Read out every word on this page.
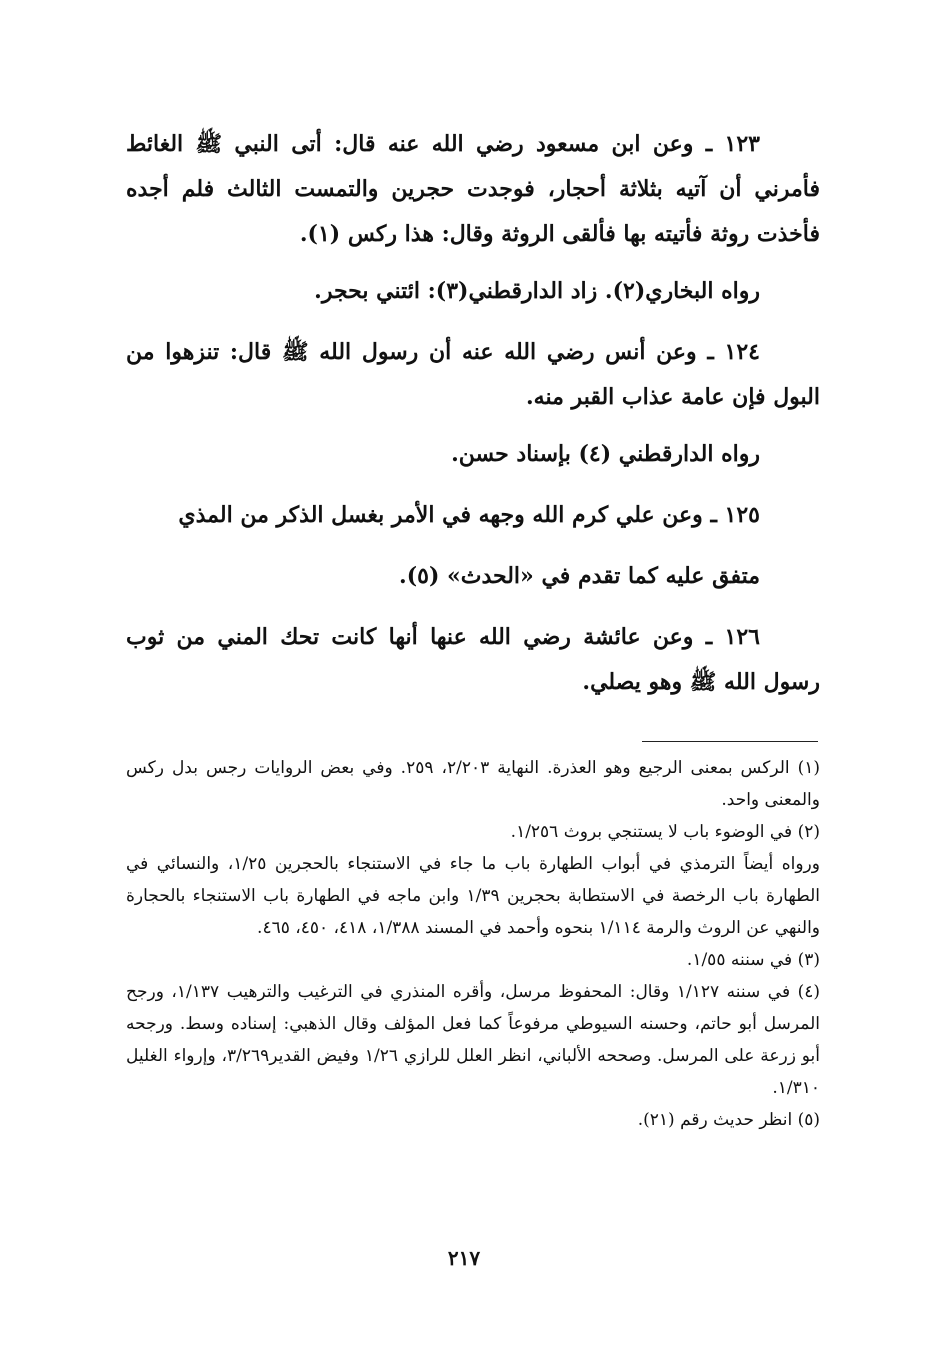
١٢٣ ـ وعن ابن مسعود رضي الله عنه قال: أتى النبي ﷺ الغائط فأمرني أن آتيه بثلاثة أحجار، فوجدت حجرين والتمست الثالث فلم أجده فأخذت روثة فأتيته بها فألقى الروثة وقال: هذا ركس (١).

رواه البخاري(٢). زاد الدارقطني(٣): ائتني بحجر.

١٢٤ ـ وعن أنس رضي الله عنه أن رسول الله ﷺ قال: تنزهوا من البول فإن عامة عذاب القبر منه.

رواه الدارقطني (٤) بإسناد حسن.

١٢٥ ـ وعن علي كرم الله وجهه في الأمر بغسل الذكر من المذي

متفق عليه كما تقدم في «الحدث» (٥).

١٢٦ ـ وعن عائشة رضي الله عنها أنها كانت تحك المني من ثوب رسول الله ﷺ وهو يصلي.

(١) الركس بمعنى الرجيع وهو العذرة. النهاية ٢/٢٠٣، ٢٥٩. وفي بعض الروايات رجس بدل ركس والمعنى واحد.

(٢) في الوضوء باب لا يستنجي بروث ١/٢٥٦.

ورواه أيضاً الترمذي في أبواب الطهارة باب ما جاء في الاستنجاء بالحجرين ١/٢٥، والنسائي في الطهارة باب الرخصة في الاستطابة بحجرين ١/٣٩ وابن ماجه في الطهارة باب الاستنجاء بالحجارة والنهي عن الروث والرمة ١/١١٤ بنحوه وأحمد في المسند ١/٣٨٨، ٤١٨، ٤٥٠، ٤٦٥.

(٣) في سننه ١/٥٥.

(٤) في سننه ١/١٢٧ وقال: المحفوظ مرسل، وأقره المنذري في الترغيب والترهيب ١/١٣٧، ورجح المرسل أبو حاتم، وحسنه السيوطي مرفوعاً كما فعل المؤلف وقال الذهبي: إسناده وسط. ورجحه أبو زرعة على المرسل. وصححه الألباني، انظر العلل للرازي ١/٢٦ وفيض القدير٣/٢٦٩، وإرواء الغليل ١/٣١٠.

(٥) انظر حديث رقم (٢١).

٢١٧
